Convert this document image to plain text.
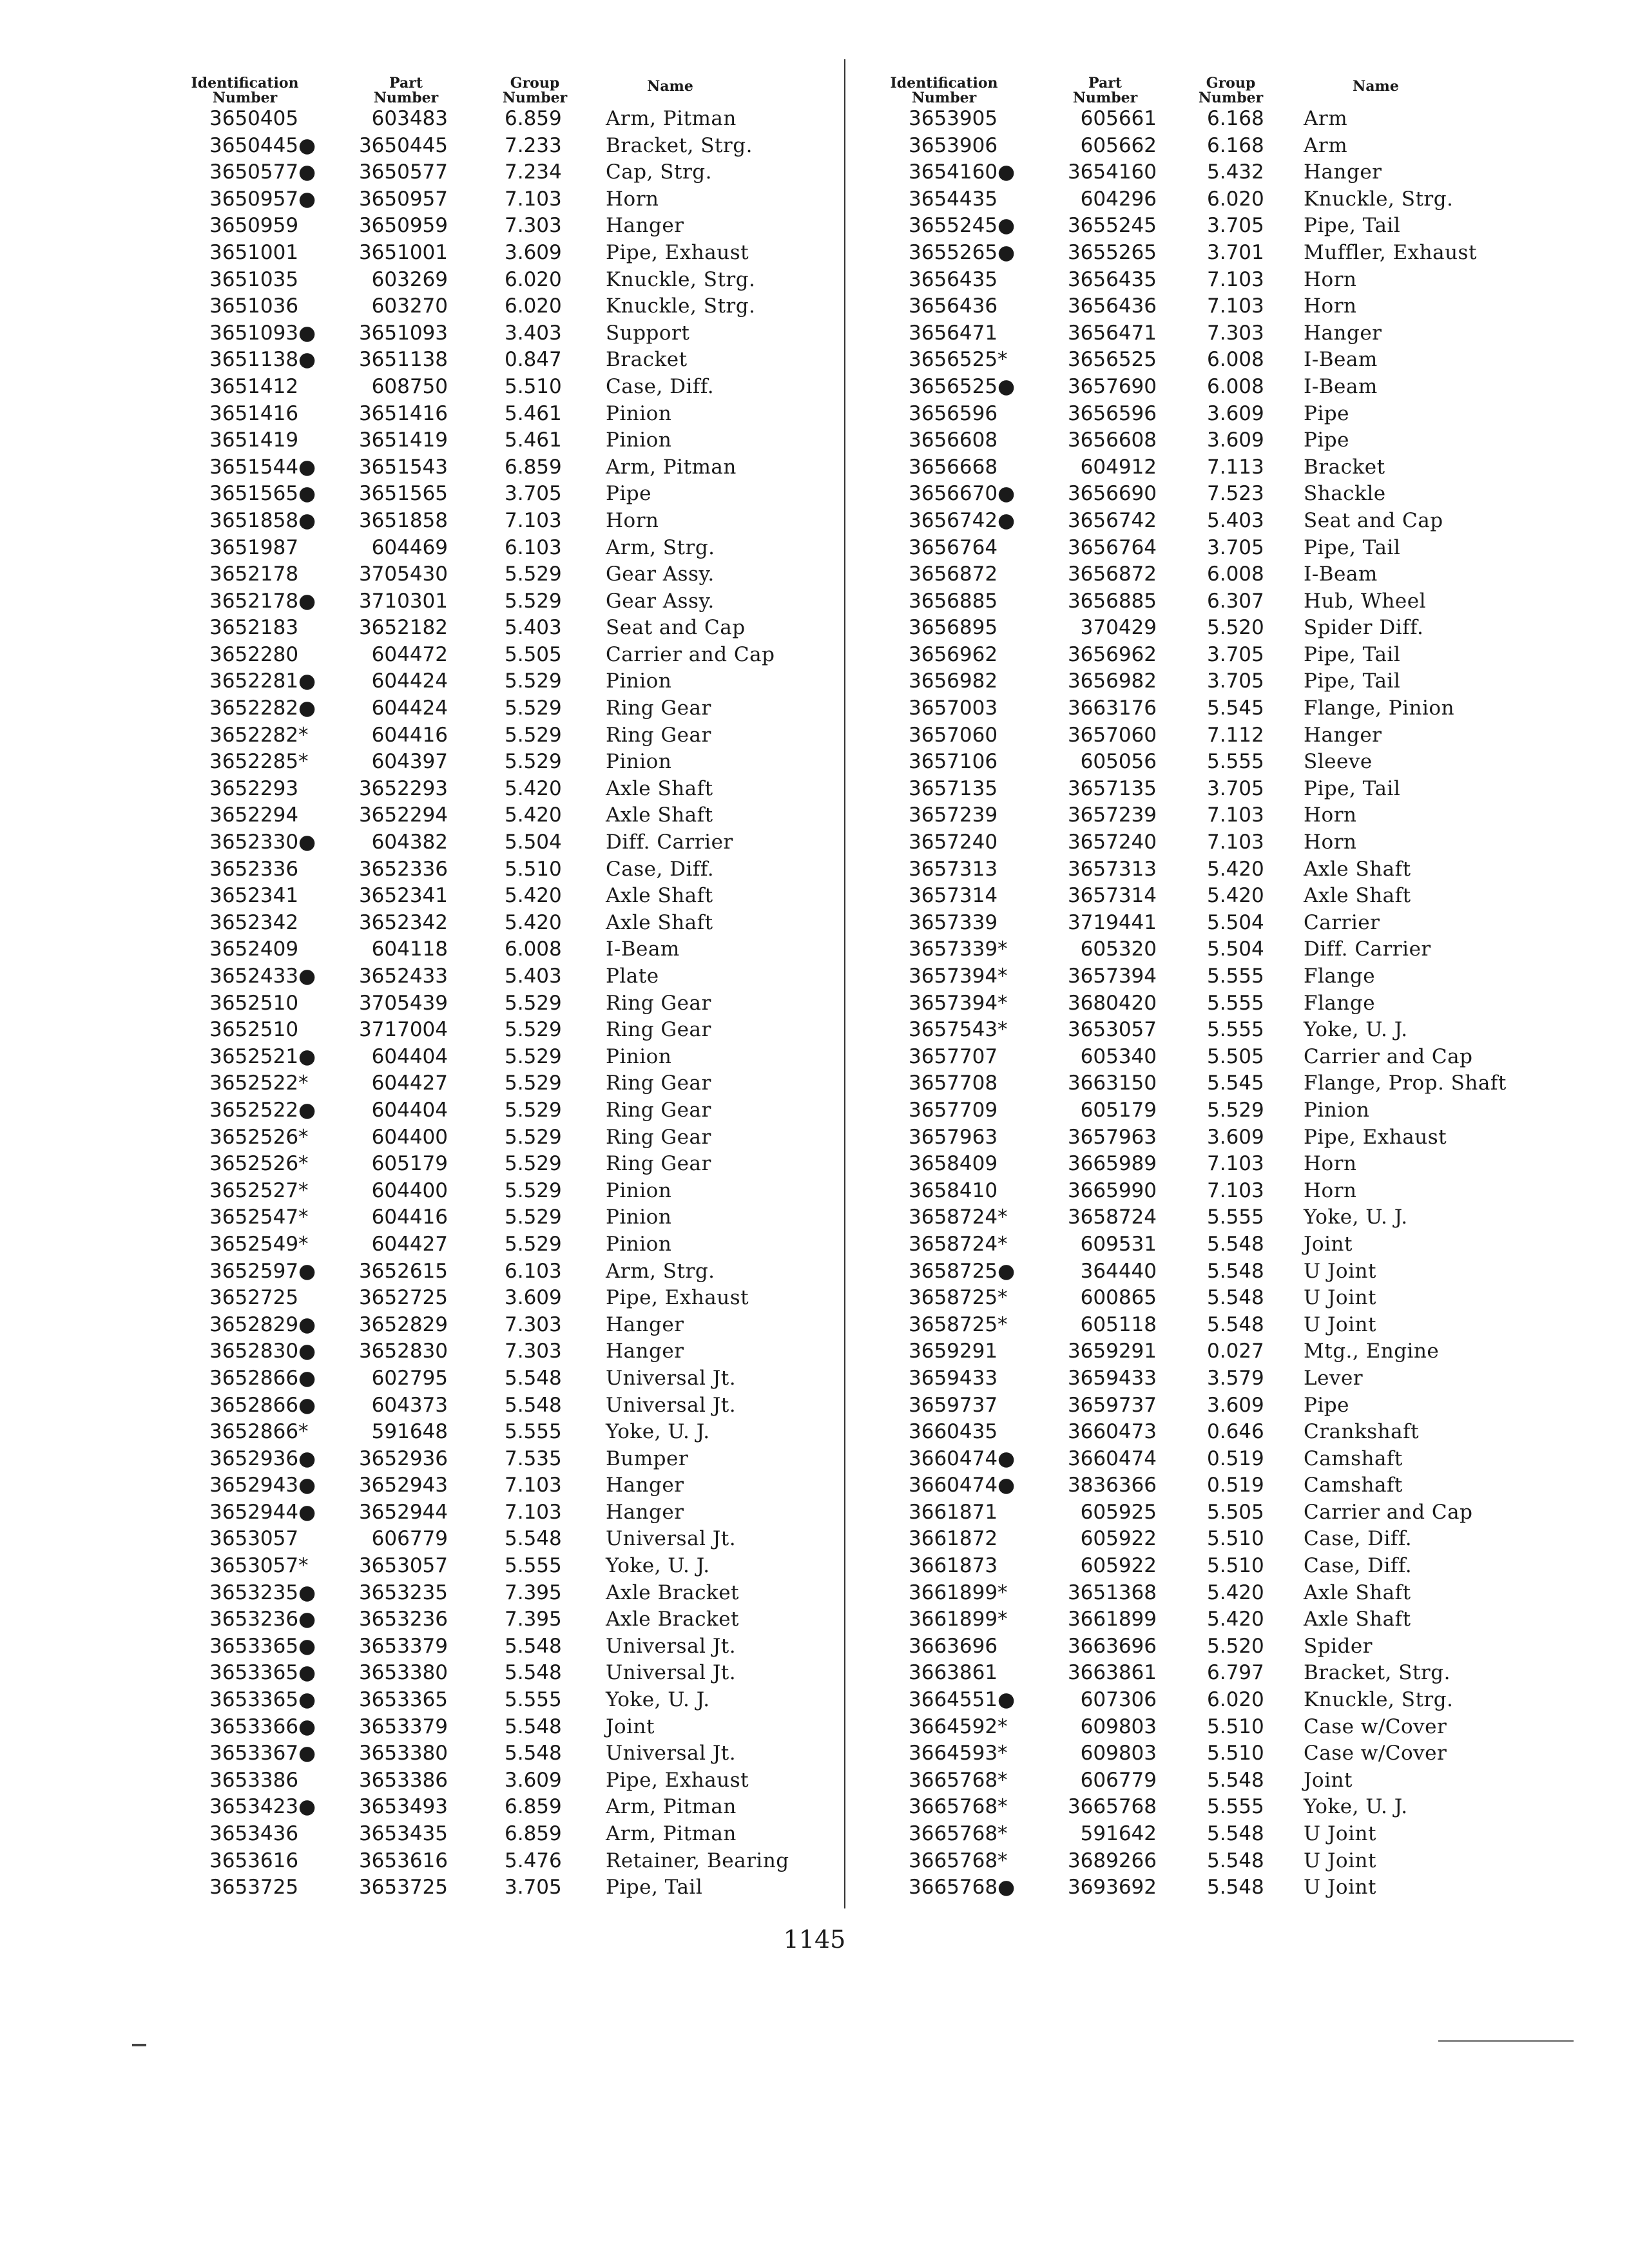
Identification
Number
Part
Number
Group
Number
Name
3650405	603483	6.859 Arm, Pitman
3650445● 3650445	7.233 Bracket, Strg.
3650577● 3650577	7.234 Cap, Strg.
3650957● 3650957	7.103 Horn
3650959	3650959	7.303 Hanger
3651001	3651001	3.609 Pipe, Exhaust
3651035	603269	6.020 Knuckle, Strg.
3651036	603270	6.020 Knuckle, Strg.
3651093● 3651093	3.403 Support
3651138● 3651138	0.847 Bracket
3651412	608750	5.510 Case, Diff.
3651416	3651416	5.461 Pinion
3651419	3651419	5.461 Pinion
3651544● 3651543	6.859 Arm, Pitman
3651565● 3651565	3.705 Pipe
3651858● 3651858	7.103 Horn
3651987	604469	6.103 Arm, Strg.
3652178	3705430	5.529 Gear Assy.
3652178● 3710301	5.529 Gear Assy.
3652183	3652182	5.403 Seat and Cap
3652280	604472	5.505 Carrier and Cap
3652281●	604424	5.529 Pinion
3652282●	604424	5.529 Ring Gear
3652282*	604416	5.529 Ring Gear
3652285*	604397	5.529 Pinion
3652293	3652293	5.420 Axle Shaft
3652294	3652294	5.420 Axle Shaft
3652330●	604382	5.504 Diff. Carrier
3652336	3652336	5.510 Case, Diff.
3652341	3652341	5.420 Axle Shaft
3652342	3652342	5.420 Axle Shaft
3652409	604118	6.008 I-Beam
3652433● 3652433	5.403 Plate
3652510	3705439	5.529 Ring Gear
3652510	3717004	5.529 Ring Gear
3652521●	604404	5.529 Pinion
3652522*	604427	5.529 Ring Gear
3652522●	604404	5.529 Ring Gear
3652526*	604400	5.529 Ring Gear
3652526*	605179	5.529 Ring Gear
3652527*	604400	5.529 Pinion
3652547*	604416	5.529 Pinion
3652549*	604427	5.529 Pinion
3652597● 3652615	6.103 Arm, Strg.
3652725	3652725	3.609 Pipe, Exhaust
3652829● 3652829	7.303 Hanger
3652830● 3652830	7.303 Hanger
3652866●	602795	5.548 Universal Jt.
3652866●	604373	5.548 Universal Jt.
3652866*	591648	5.555 Yoke, U. J.
3652936● 3652936	7.535 Bumper
3652943● 3652943	7.103 Hanger
3652944● 3652944	7.103 Hanger
3653057	606779	5.548 Universal Jt.
3653057*	3653057	5.555 Yoke, U. J.
3653235● 3653235	7.395 Axle Bracket
3653236● 3653236	7.395 Axle Bracket
3653365● 3653379	5.548 Universal Jt.
3653365● 3653380	5.548 Universal Jt.
3653365● 3653365	5.555 Yoke, U. J.
3653366● 3653379	5.548 Joint
3653367● 3653380	5.548 Universal Jt.
3653386	3653386	3.609 Pipe, Exhaust
3653423● 3653493	6.859 Arm, Pitman
3653436	3653435	6.859 Arm, Pitman
3653616	3653616	5.476 Retainer, Bearing
3653725	3653725	3.705 Pipe, Tail
Identification
Number
Part
Number
Group
Number
Name
3653905	605661	6.168 Arm
3653906	605662	6.168 Arm
3654160●	3654160	5.432 Hanger
3654435	604296	6.020 Knuckle, Strg.
3655245●	3655245	3.705 Pipe, Tail
3655265●	3655265	3.701 Muffler, Exhaust
3656435	3656435	7.103 Horn
3656436	3656436	7.103 Horn
3656471	3656471	7.303 Hanger
3656525*	3656525	6.008 I-Beam
3656525●	3657690	6.008 I-Beam
3656596	3656596	3.609 Pipe
3656608	3656608	3.609 Pipe
3656668	604912	7.113 Bracket
3656670●	3656690	7.523 Shackle
3656742●	3656742	5.403 Seat and Cap
3656764	3656764	3.705 Pipe, Tail
3656872	3656872	6.008 I-Beam
3656885	3656885	6.307 Hub, Wheel
3656895	370429	5.520 Spider Diff.
3656962	3656962	3.705 Pipe, Tail
3656982	3656982	3.705 Pipe, Tail
3657003	3663176	5.545 Flange, Pinion
3657060	3657060	7.112 Hanger
3657106	605056	5.555 Sleeve
3657135	3657135	3.705 Pipe, Tail
3657239	3657239	7.103 Horn
3657240	3657240	7.103 Horn
3657313	3657313	5.420 Axle Shaft
3657314	3657314	5.420 Axle Shaft
3657339	3719441	5.504 Carrier
3657339*	605320	5.504 Diff. Carrier
3657394*	3657394	5.555 Flange
3657394*	3680420	5.555 Flange
3657543*	3653057	5.555 Yoke, U. J.
3657707	605340	5.505 Carrier and Cap
3657708	3663150	5.545 Flange, Prop. Shaft
3657709	605179	5.529 Pinion
3657963	3657963	3.609 Pipe, Exhaust
3658409	3665989	7.103 Horn
3658410	3665990	7.103 Horn
3658724*	3658724	5.555 Yoke, U. J.
3658724*	609531	5.548 Joint
3658725●	364440	5.548 U Joint
3658725*	600865	5.548 U Joint
3658725*	605118	5.548 U Joint
3659291	3659291	0.027 Mtg., Engine
3659433	3659433	3.579 Lever
3659737	3659737	3.609 Pipe
3660435	3660473	0.646 Crankshaft
3660474●	3660474	0.519 Camshaft
3660474●	3836366	0.519 Camshaft
3661871	605925	5.505 Carrier and Cap
3661872	605922	5.510 Case, Diff.
3661873	605922	5.510 Case, Diff.
3661899*	3651368	5.420 Axle Shaft
3661899*	3661899	5.420 Axle Shaft
3663696	3663696	5.520 Spider
3663861	3663861	6.797 Bracket, Strg.
3664551●	607306	6.020 Knuckle, Strg.
3664592*	609803	5.510 Case w/Cover
3664593*	609803	5.510 Case w/Cover
3665768*	606779	5.548 Joint
3665768*	3665768	5.555 Yoke, U. J.
3665768*	591642	5.548 U Joint
3665768*	3689266	5.548 U Joint
3665768●	3693692	5.548 U Joint
1145
